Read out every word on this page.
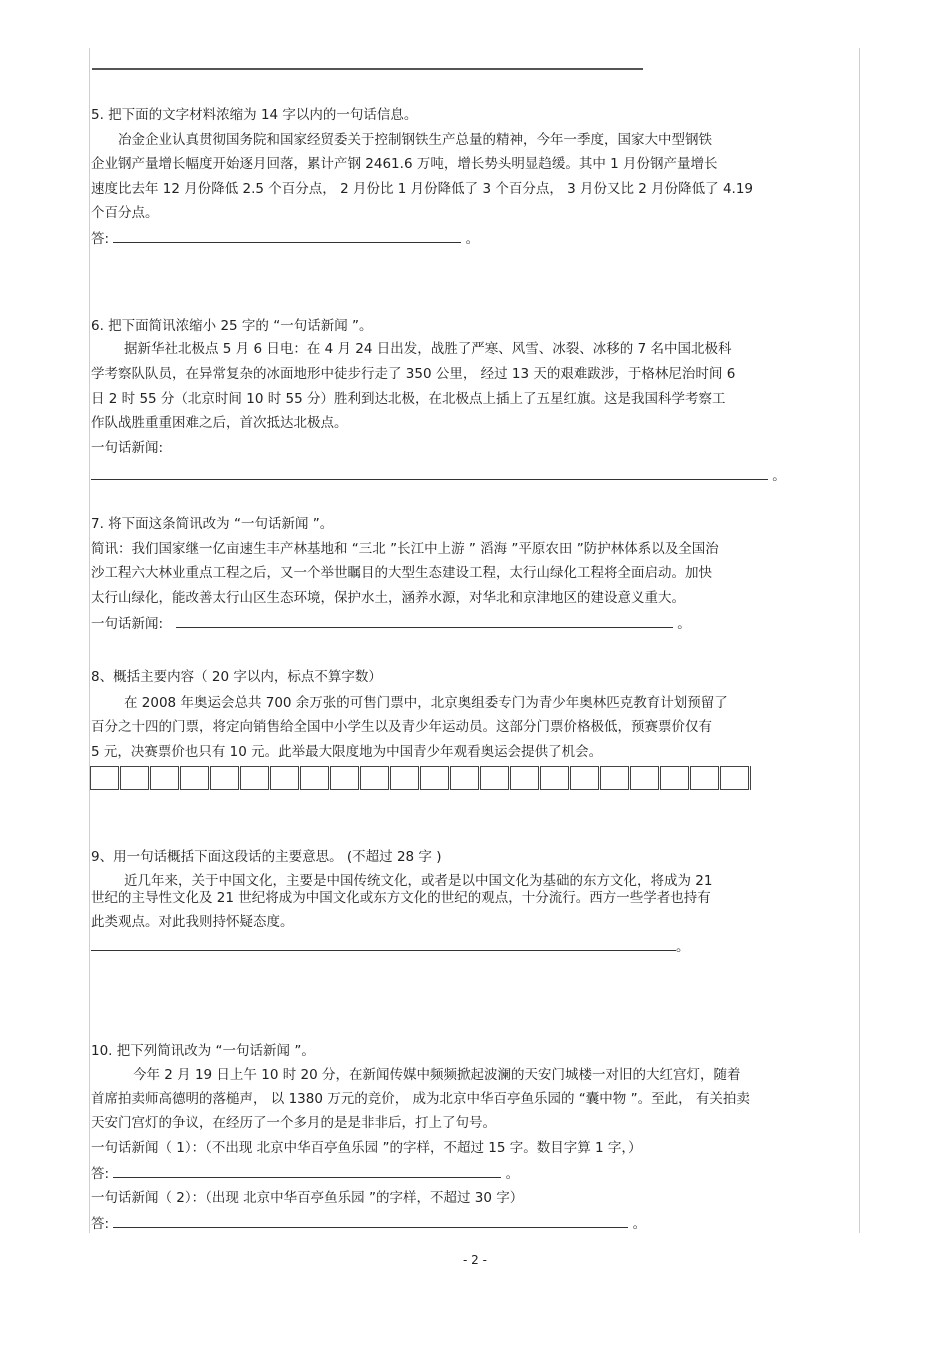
5. 把下面的文字材料浓缩为 14 字以内的一句话信息。
冶金企业认真贯彻国务院和国家经贸委关于控制钢铁生产总量的精神，今年一季度，国家大中型钢铁
企业钢产量增长幅度开始逐月回落，累计产钢 2461.6 万吨，增长势头明显趋缓。其中 1 月份钢产量增长
速度比去年 12 月份降低 2.5 个百分点， 2 月份比 1 月份降低了 3 个百分点， 3 月份又比 2 月份降低了 4.19
个百分点。
答:	。
6. 把下面简讯浓缩小 25 字的 “一句话新闻 ”。
据新华社北极点 5 月 6 日电：在 4 月 24 日出发，战胜了严寒、风雪、冰裂、冰移的 7 名中国北极科
学考察队队员，在异常复杂的冰面地形中徒步行走了 350 公里， 经过 13 天的艰难跋涉，于格林尼治时间 6
日 2 时 55 分（北京时间 10 时 55 分）胜利到达北极，在北极点上插上了五星红旗。这是我国科学考察工
作队战胜重重困难之后，首次抵达北极点。
一句话新闻:
。
7. 将下面这条简讯改为 “一句话新闻 ”。
简讯：我们国家继一亿亩速生丰产林基地和 “三北 ”长江中上游 ” 滔海 ”平原农田 ”防护林体系以及全国治
沙工程六大林业重点工程之后，又一个举世瞩目的大型生态建设工程，太行山绿化工程将全面启动。加快
太行山绿化，能改善太行山区生态环境，保护水土，涵养水源，对华北和京津地区的建设意义重大。
一句话新闻:	。
8、概括主要内容（ 20 字以内，标点不算字数）
在 2008 年奥运会总共 700 余万张的可售门票中，北京奥组委专门为青少年奥林匹克教育计划预留了
百分之十四的门票，将定向销售给全国中小学生以及青少年运动员。这部分门票价格极低，预赛票价仅有
5 元，决赛票价也只有 10 元。此举最大限度地为中国青少年观看奥运会提供了机会。
9、用一句话概括下面这段话的主要意思。 (不超过 28 字 )
近几年来，关于中国文化，主要是中国传统文化，或者是以中国文化为基础的东方文化，将成为 21
世纪的主导性文化及 21 世纪将成为中国文化或东方文化的世纪的观点，十分流行。西方一些学者也持有
此类观点。对此我则持怀疑态度。
。
10. 把下列简讯改为 “一句话新闻 ”。
今年 2 月 19 日上午 10 时 20 分，在新闻传媒中频频掀起波澜的天安门城楼一对旧的大红宫灯，随着
首席拍卖师高德明的落槌声， 以 1380 万元的竞价， 成为北京中华百亭鱼乐园的 “囊中物 ”。至此， 有关拍卖
天安门宫灯的争议，在经历了一个多月的是是非非后，打上了句号。
一句话新闻（ 1）：（不出现 北京中华百亭鱼乐园 ”的字样，不超过 15 字。数目字算 1 字，）
答:	。
一句话新闻（ 2）：（出现 北京中华百亭鱼乐园 ”的字样，不超过 30 字）
答:	。
- 2 -
